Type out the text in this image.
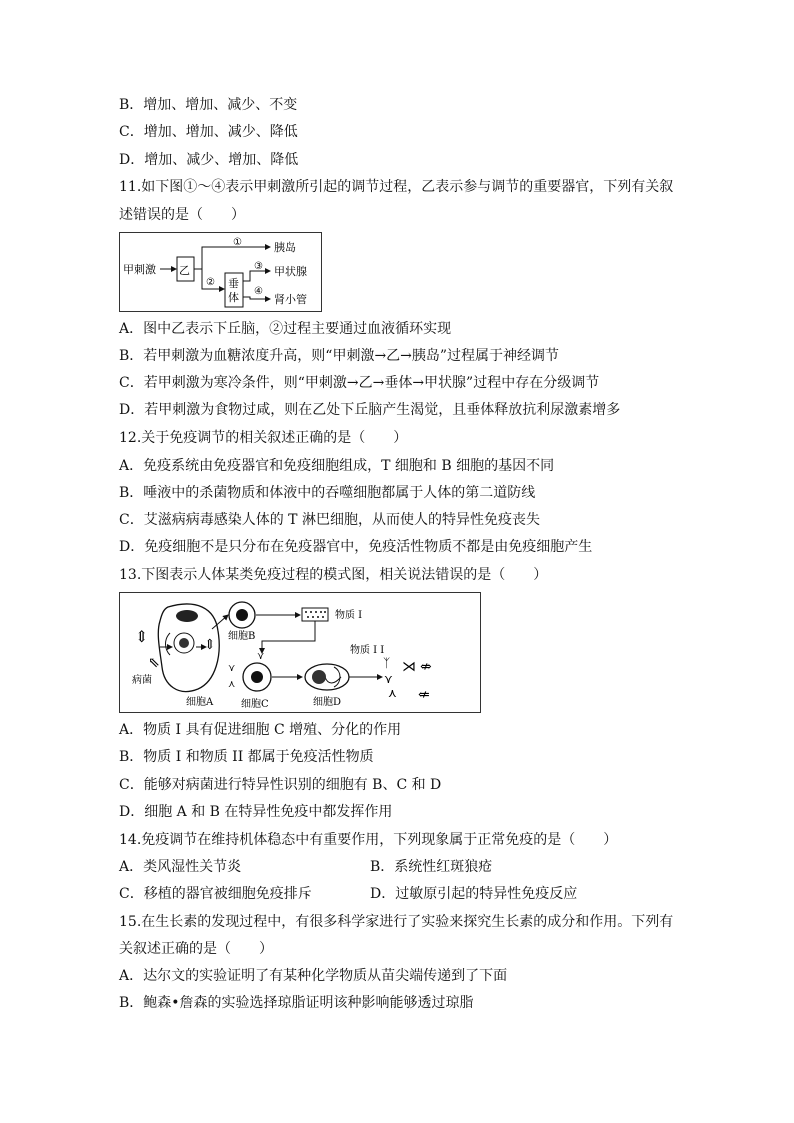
B．增加、增加、减少、不变
C．增加、增加、减少、降低
D．增加、减少、增加、降低
11.如下图①～④表示甲刺激所引起的调节过程，乙表示参与调节的重要器官，下列有关叙
述错误的是（　　）
甲刺激 乙
①	胰岛
② 垂
体
③ 甲状腺
④
肾小管
A．图中乙表示下丘脑，②过程主要通过血液循环实现
B．若甲刺激为血糖浓度升高，则“甲刺激→乙→胰岛”过程属于神经调节
C．若甲刺激为寒冷条件，则“甲刺激→乙→垂体→甲状腺”过程中存在分级调节
D．若甲刺激为食物过咸，则在乙处下丘脑产生渴觉，且垂体释放抗利尿激素增多
12.关于免疫调节的相关叙述正确的是（　　）
A．免疫系统由免疫器官和免疫细胞组成，T 细胞和 B 细胞的基因不同
B．唾液中的杀菌物质和体液中的吞噬细胞都属于人体的第二道防线
C．艾滋病病毒感染人体的 T 淋巴细胞，从而使人的特异性免疫丧失
D．免疫细胞不是只分布在免疫器官中，免疫活性物质不都是由免疫细胞产生
13.下图表示人体某类免疫过程的模式图，相关说法错误的是（　　）
⇕	⇕
⇖
病菌
细胞A
细胞B
物质 I
⋎
⋎
⋏
细胞C	细胞D
物质 I I
ᛉ
⋎
⋏
⋊ ⇎
⇍
A．物质 I 具有促进细胞 C 增殖、分化的作用
B．物质 I 和物质 II 都属于免疫活性物质
C．能够对病菌进行特异性识别的细胞有 B、C 和 D
D．细胞 A 和 B 在特异性免疫中都发挥作用
14.免疫调节在维持机体稳态中有重要作用，下列现象属于正常免疫的是（　　）
A．类风湿性关节炎	B．系统性红斑狼疮
C．移植的器官被细胞免疫排斥	D．过敏原引起的特异性免疫反应
15.在生长素的发现过程中，有很多科学家进行了实验来探究生长素的成分和作用。下列有
关叙述正确的是（　　）
A．达尔文的实验证明了有某种化学物质从苗尖端传递到了下面
B．鲍森•詹森的实验选择琼脂证明该种影响能够透过琼脂
